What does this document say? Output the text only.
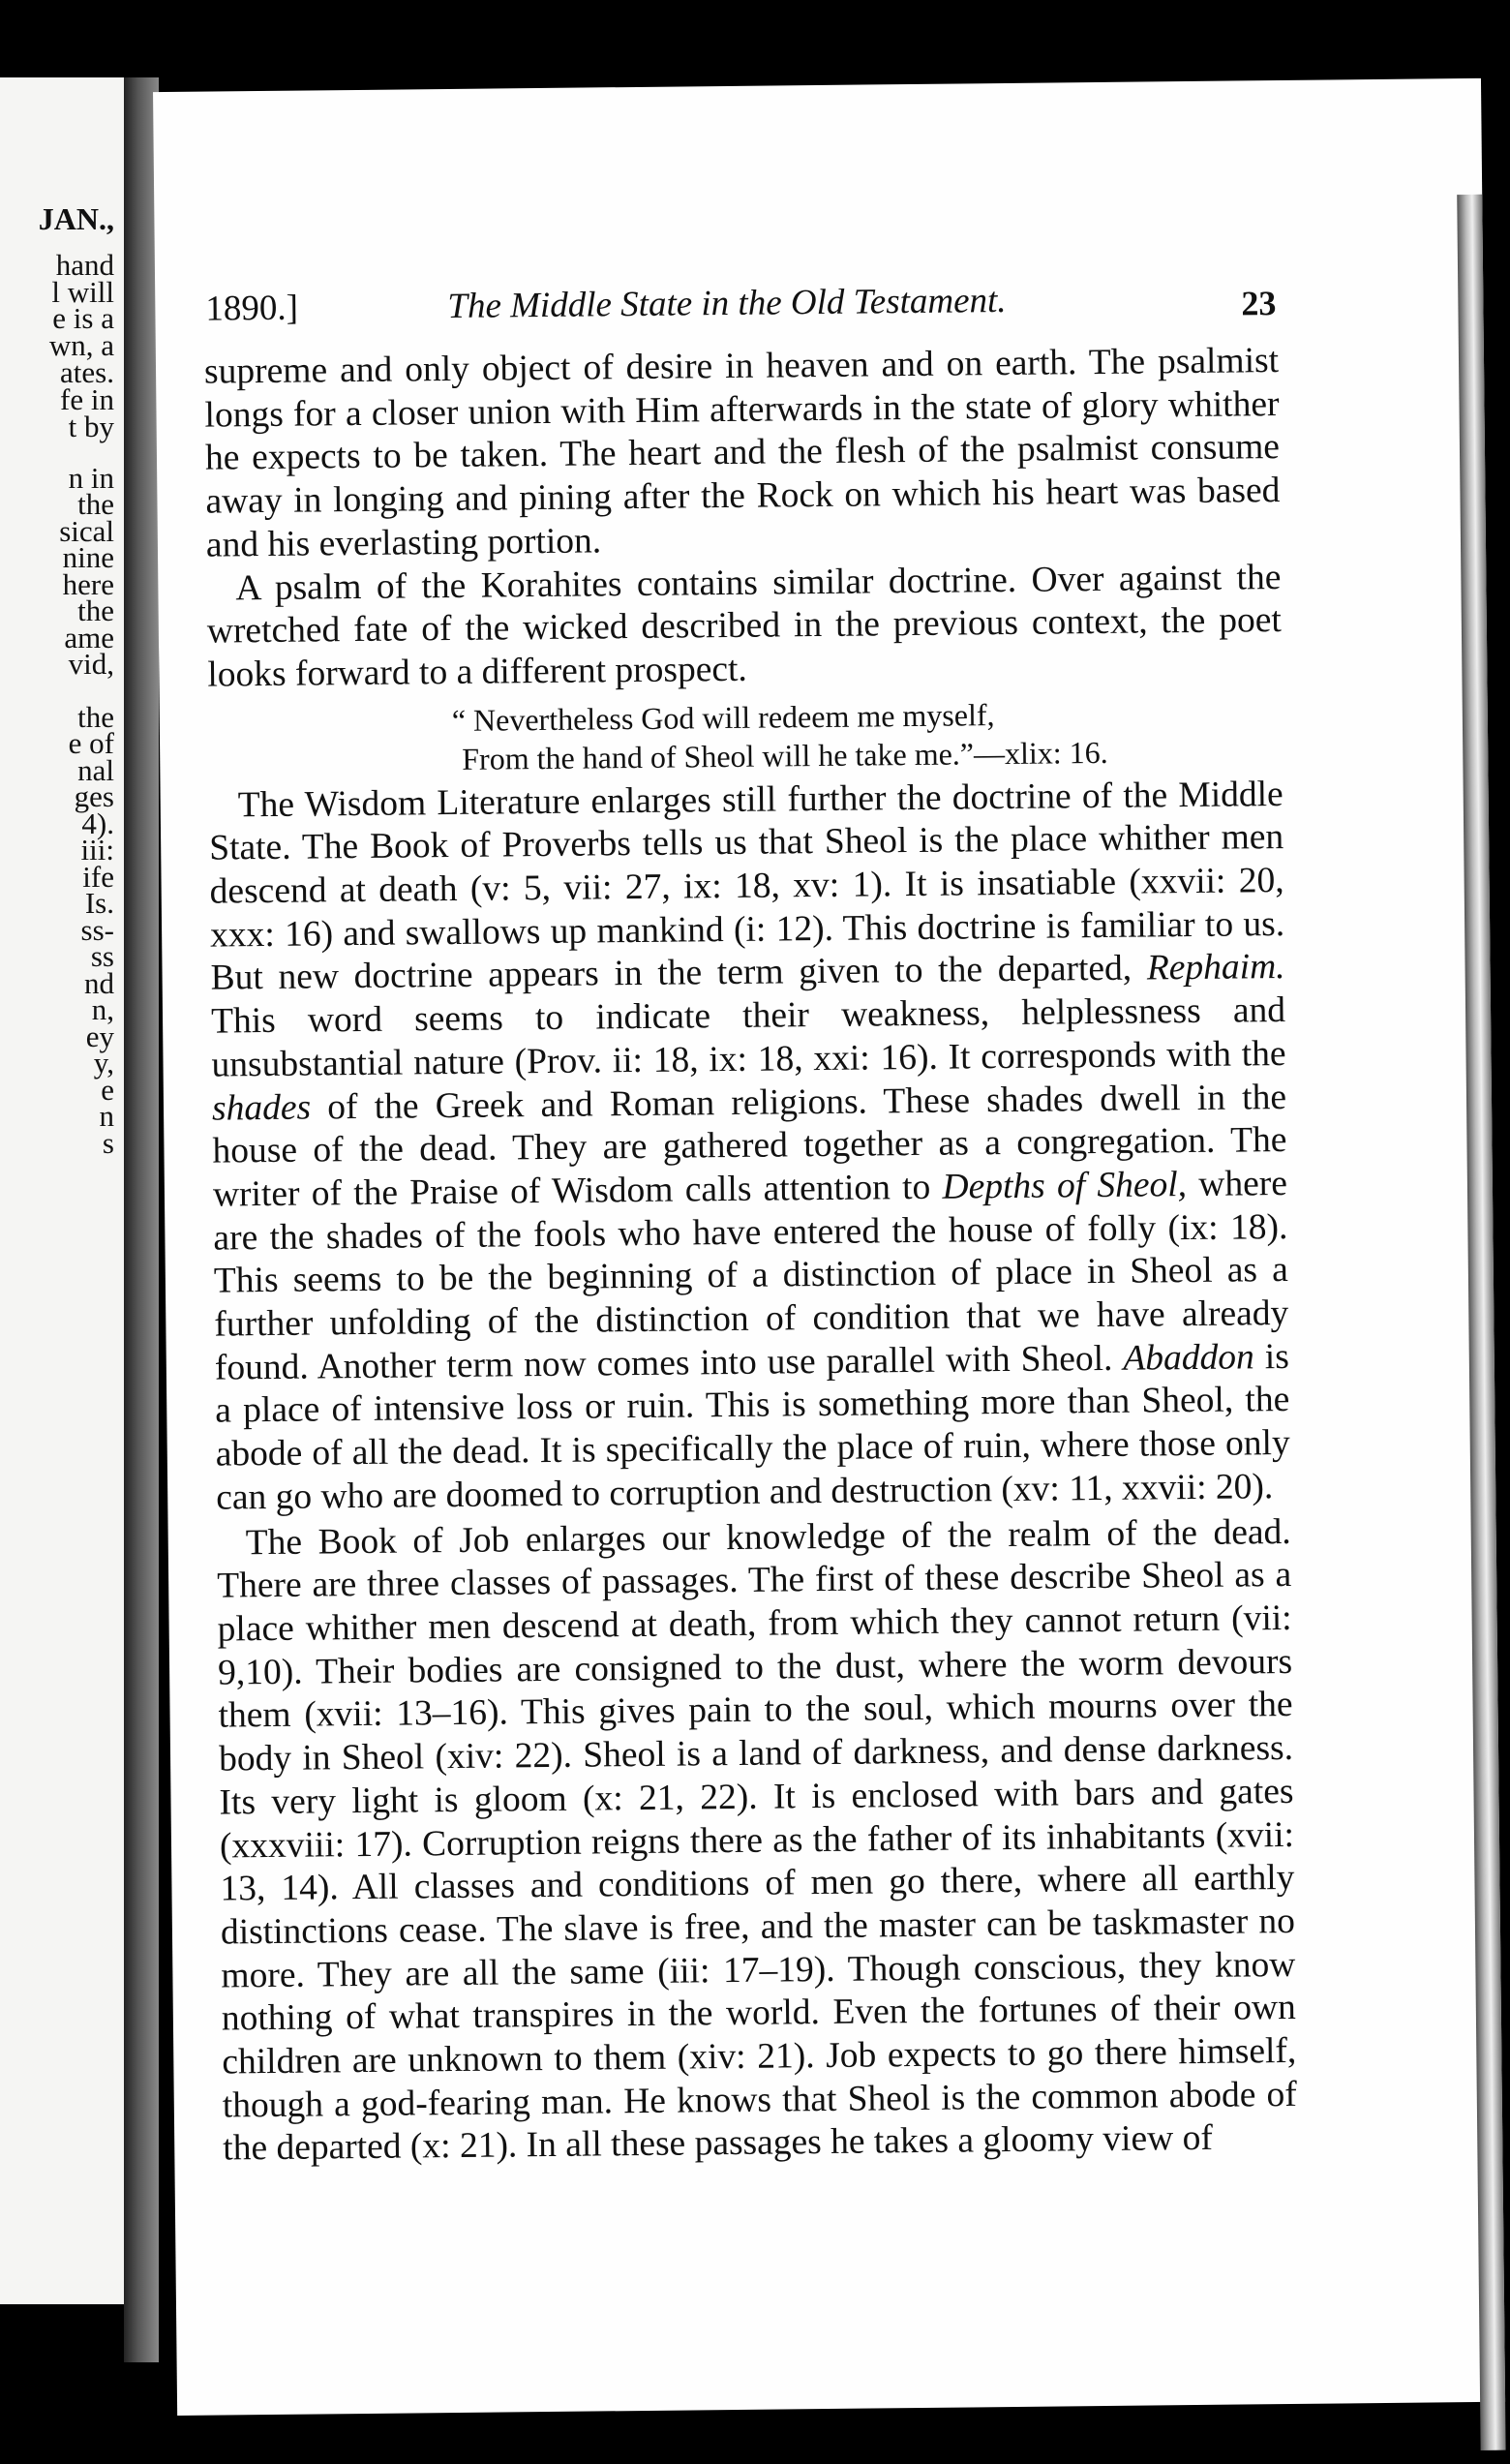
JAN.,
hand
l will
e is a
wn, a
ates.
fe in
t by
n in
the
sical
nine
here
the
ame
vid,
the
e of
nal
ges
4).
iii:
ife
Is.
ss-
ss
nd
n,
ey
y,
e
n
s
1890.]	The Middle State in the Old Testament.	23

supreme and only object of desire in heaven and on earth. The psalmist longs for a closer union with Him afterwards in the state of glory whither he expects to be taken. The heart and the flesh of the psalmist consume away in longing and pining after the Rock on which his heart was based and his everlasting portion.

A psalm of the Korahites contains similar doctrine. Over against the wretched fate of the wicked described in the previous context, the poet looks forward to a different prospect.

“ Nevertheless God will redeem me myself,
From the hand of Sheol will he take me.”—xlix: 16.

The Wisdom Literature enlarges still further the doctrine of the Middle State. The Book of Proverbs tells us that Sheol is the place whither men descend at death (v: 5, vii: 27, ix: 18, xv: 1). It is insatiable (xxvii: 20, xxx: 16) and swallows up mankind (i: 12). This doctrine is familiar to us. But new doctrine appears in the term given to the departed, Rephaim. This word seems to indicate their weakness, helplessness and unsubstantial nature (Prov. ii: 18, ix: 18, xxi: 16). It corresponds with the shades of the Greek and Roman religions. These shades dwell in the house of the dead. They are gathered together as a congregation. The writer of the Praise of Wisdom calls attention to Depths of Sheol, where are the shades of the fools who have entered the house of folly (ix: 18). This seems to be the beginning of a distinction of place in Sheol as a further unfolding of the distinction of condition that we have already found. Another term now comes into use parallel with Sheol. Abaddon is a place of intensive loss or ruin. This is something more than Sheol, the abode of all the dead. It is specifically the place of ruin, where those only can go who are doomed to corruption and destruction (xv: 11, xxvii: 20).

The Book of Job enlarges our knowledge of the realm of the dead. There are three classes of passages. The first of these describe Sheol as a place whither men descend at death, from which they cannot return (vii: 9,10). Their bodies are consigned to the dust, where the worm devours them (xvii: 13–16). This gives pain to the soul, which mourns over the body in Sheol (xiv: 22). Sheol is a land of darkness, and dense darkness. Its very light is gloom (x: 21, 22). It is enclosed with bars and gates (xxxviii: 17). Corruption reigns there as the father of its inhabitants (xvii: 13, 14). All classes and conditions of men go there, where all earthly distinctions cease. The slave is free, and the master can be taskmaster no more. They are all the same (iii: 17–19). Though conscious, they know nothing of what transpires in the world. Even the fortunes of their own children are unknown to them (xiv: 21). Job expects to go there himself, though a god-fearing man. He knows that Sheol is the common abode of the departed (x: 21). In all these passages he takes a gloomy view of
